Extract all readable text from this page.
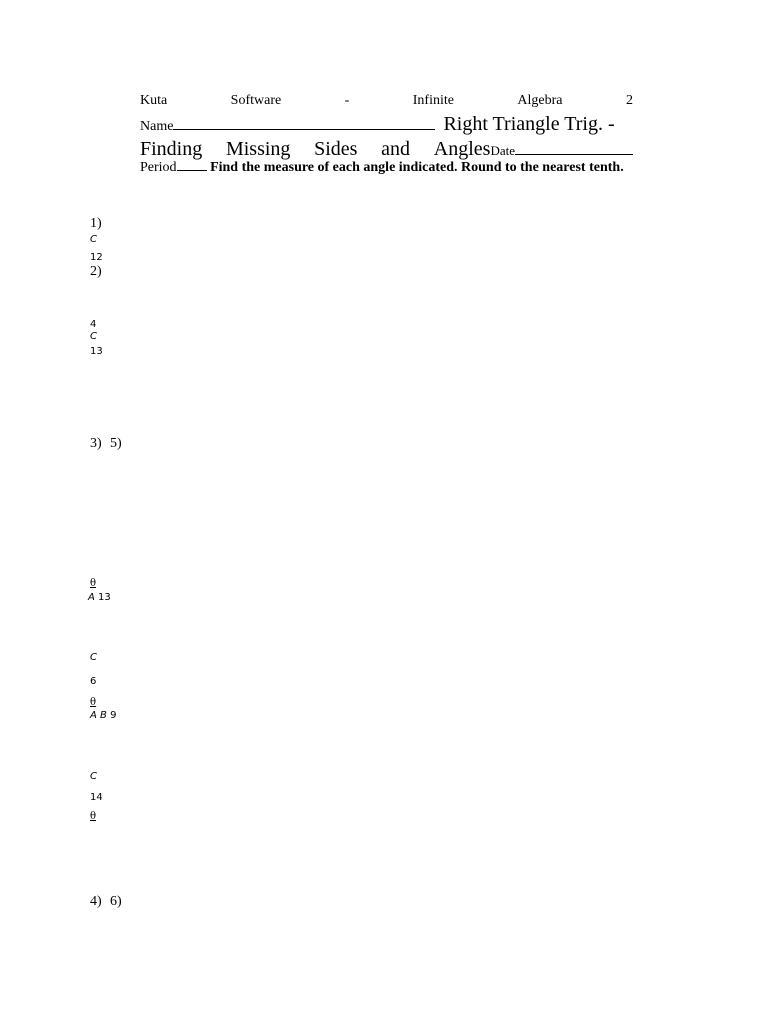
Kuta	Software	-	Infinite	Algebra	2
Name	Right Triangle Trig. -
Finding Missing Sides and AnglesDate
Period Find the measure of each angle indicated. Round to the nearest tenth.
1)
C
12
2)
4
C
13
3) 5)
θ
A 13
C
6
θ
A B 9
C
14
θ
4) 6)
